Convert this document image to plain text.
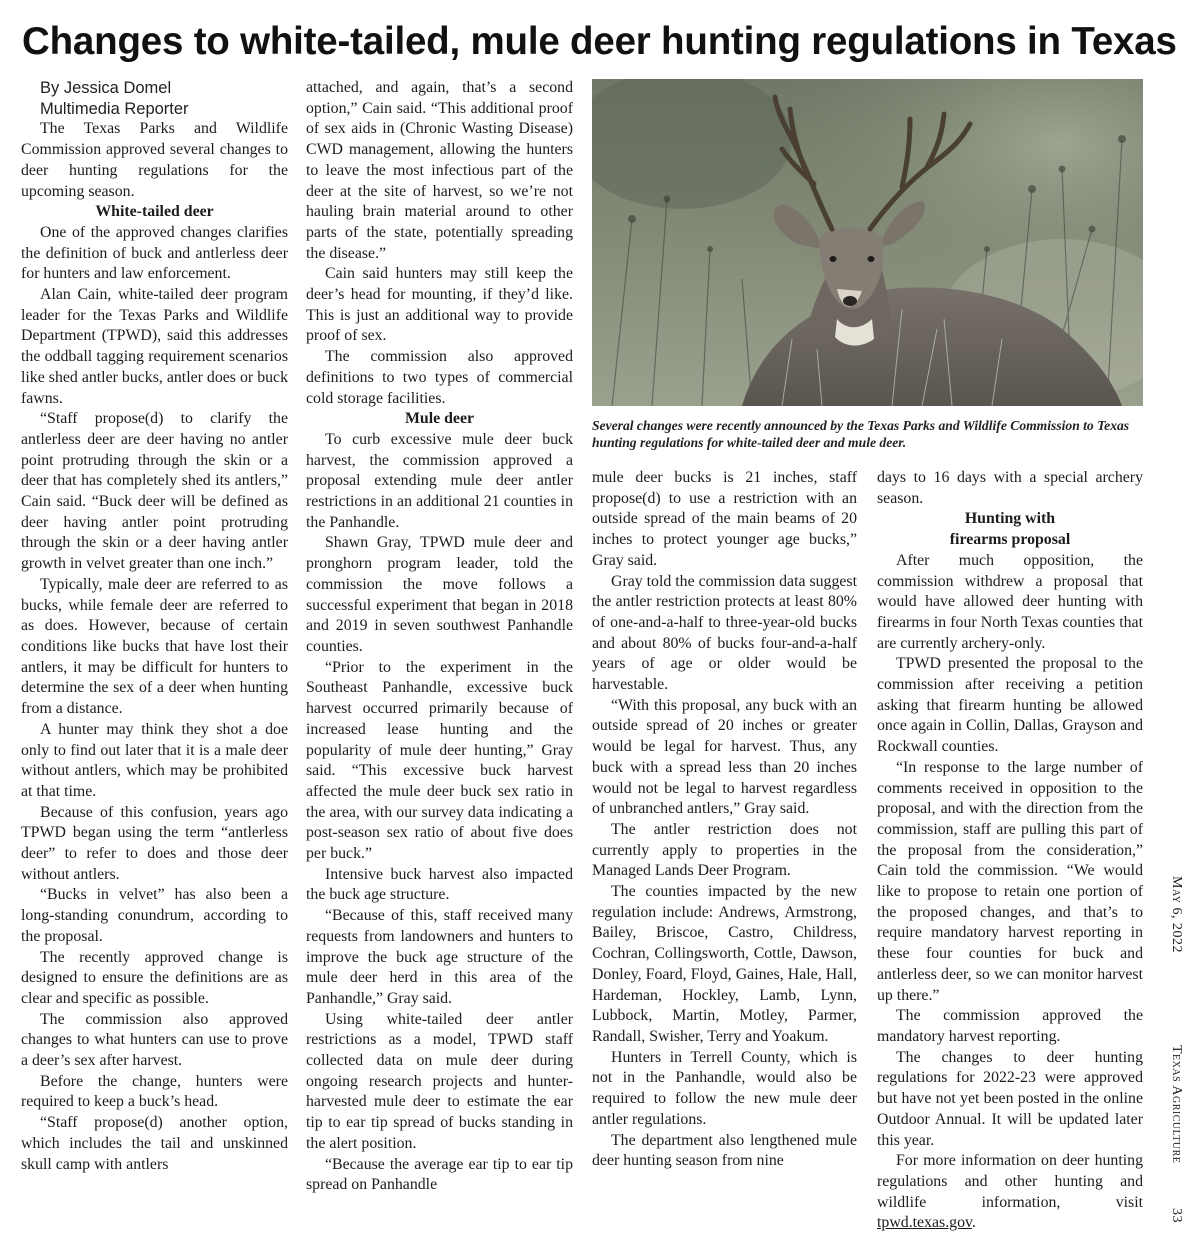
Changes to white-tailed, mule deer hunting regulations in Texas

By Jessica Domel

Multimedia Reporter

The Texas Parks and Wildlife Commission approved several changes to deer hunting regulations for the upcoming season.

White-tailed deer

One of the approved changes clarifies the definition of buck and antlerless deer for hunters and law enforcement.

Alan Cain, white-tailed deer program leader for the Texas Parks and Wildlife Department (TPWD), said this addresses the oddball tagging requirement scenarios like shed antler bucks, antler does or buck fawns.

“Staff propose(d) to clarify the antlerless deer are deer having no antler point protruding through the skin or a deer that has completely shed its antlers,” Cain said. “Buck deer will be defined as deer having antler point protruding through the skin or a deer having antler growth in velvet greater than one inch.”

Typically, male deer are referred to as bucks, while female deer are referred to as does. However, because of certain conditions like bucks that have lost their antlers, it may be difficult for hunters to determine the sex of a deer when hunting from a distance.

A hunter may think they shot a doe only to find out later that it is a male deer without antlers, which may be prohibited at that time.

Because of this confusion, years ago TPWD began using the term “antlerless deer” to refer to does and those deer without antlers.

“Bucks in velvet” has also been a long-standing conundrum, according to the proposal.

The recently approved change is designed to ensure the definitions are as clear and specific as possible.

The commission also approved changes to what hunters can use to prove a deer’s sex after harvest.

Before the change, hunters were required to keep a buck’s head.

“Staff propose(d) another option, which includes the tail and unskinned skull camp with antlers

attached, and again, that’s a second option,” Cain said. “This additional proof of sex aids in (Chronic Wasting Disease) CWD management, allowing the hunters to leave the most infectious part of the deer at the site of harvest, so we’re not hauling brain material around to other parts of the state, potentially spreading the disease.”

Cain said hunters may still keep the deer’s head for mounting, if they’d like. This is just an additional way to provide proof of sex.

The commission also approved definitions to two types of commercial cold storage facilities.

Mule deer

To curb excessive mule deer buck harvest, the commission approved a proposal extending mule deer antler restrictions in an additional 21 counties in the Panhandle.

Shawn Gray, TPWD mule deer and pronghorn program leader, told the commission the move follows a successful experiment that began in 2018 and 2019 in seven southwest Panhandle counties.

“Prior to the experiment in the Southeast Panhandle, excessive buck harvest occurred primarily because of increased lease hunting and the popularity of mule deer hunting,” Gray said. “This excessive buck harvest affected the mule deer buck sex ratio in the area, with our survey data indicating a post-season sex ratio of about five does per buck.”

Intensive buck harvest also impacted the buck age structure.

“Because of this, staff received many requests from landowners and hunters to improve the buck age structure of the mule deer herd in this area of the Panhandle,” Gray said.

Using white-tailed deer antler restrictions as a model, TPWD staff collected data on mule deer during ongoing research projects and hunter-harvested mule deer to estimate the ear tip to ear tip spread of bucks standing in the alert position.

“Because the average ear tip to ear tip spread on Panhandle

mule deer bucks is 21 inches, staff propose(d) to use a restriction with an outside spread of the main beams of 20 inches to protect younger age bucks,” Gray said.

Gray told the commission data suggest the antler restriction protects at least 80% of one-and-a-half to three-year-old bucks and about 80% of bucks four-and-a-half years of age or older would be harvestable.

“With this proposal, any buck with an outside spread of 20 inches or greater would be legal for harvest. Thus, any buck with a spread less than 20 inches would not be legal to harvest regardless of unbranched antlers,” Gray said.

The antler restriction does not currently apply to properties in the Managed Lands Deer Program.

The counties impacted by the new regulation include: Andrews, Armstrong, Bailey, Briscoe, Castro, Childress, Cochran, Collingsworth, Cottle, Dawson, Donley, Foard, Floyd, Gaines, Hale, Hall, Hardeman, Hockley, Lamb, Lynn, Lubbock, Martin, Motley, Parmer, Randall, Swisher, Terry and Yoakum.

Hunters in Terrell County, which is not in the Panhandle, would also be required to follow the new mule deer antler regulations.

The department also lengthened mule deer hunting season from nine

days to 16 days with a special archery season.

Hunting with
firearms proposal

After much opposition, the commission withdrew a proposal that would have allowed deer hunting with firearms in four North Texas counties that are currently archery-only.

TPWD presented the proposal to the commission after receiving a petition asking that firearm hunting be allowed once again in Collin, Dallas, Grayson and Rockwall counties.

“In response to the large number of comments received in opposition to the proposal, and with the direction from the commission, staff are pulling this part of the proposal from the consideration,” Cain told the commission. “We would like to propose to retain one portion of the proposed changes, and that’s to require mandatory harvest reporting in these four counties for buck and antlerless deer, so we can monitor harvest up there.”

The commission approved the mandatory harvest reporting.

The changes to deer hunting regulations for 2022-23 were approved but have not yet been posted in the online Outdoor Annual. It will be updated later this year.

For more information on deer hunting regulations and other hunting and wildlife information, visit tpwd.texas.gov.

Several changes were recently announced by the Texas Parks and Wildlife Commission to Texas hunting regulations for white-tailed deer and mule deer.

May 6, 2022
Texas Agriculture
33
